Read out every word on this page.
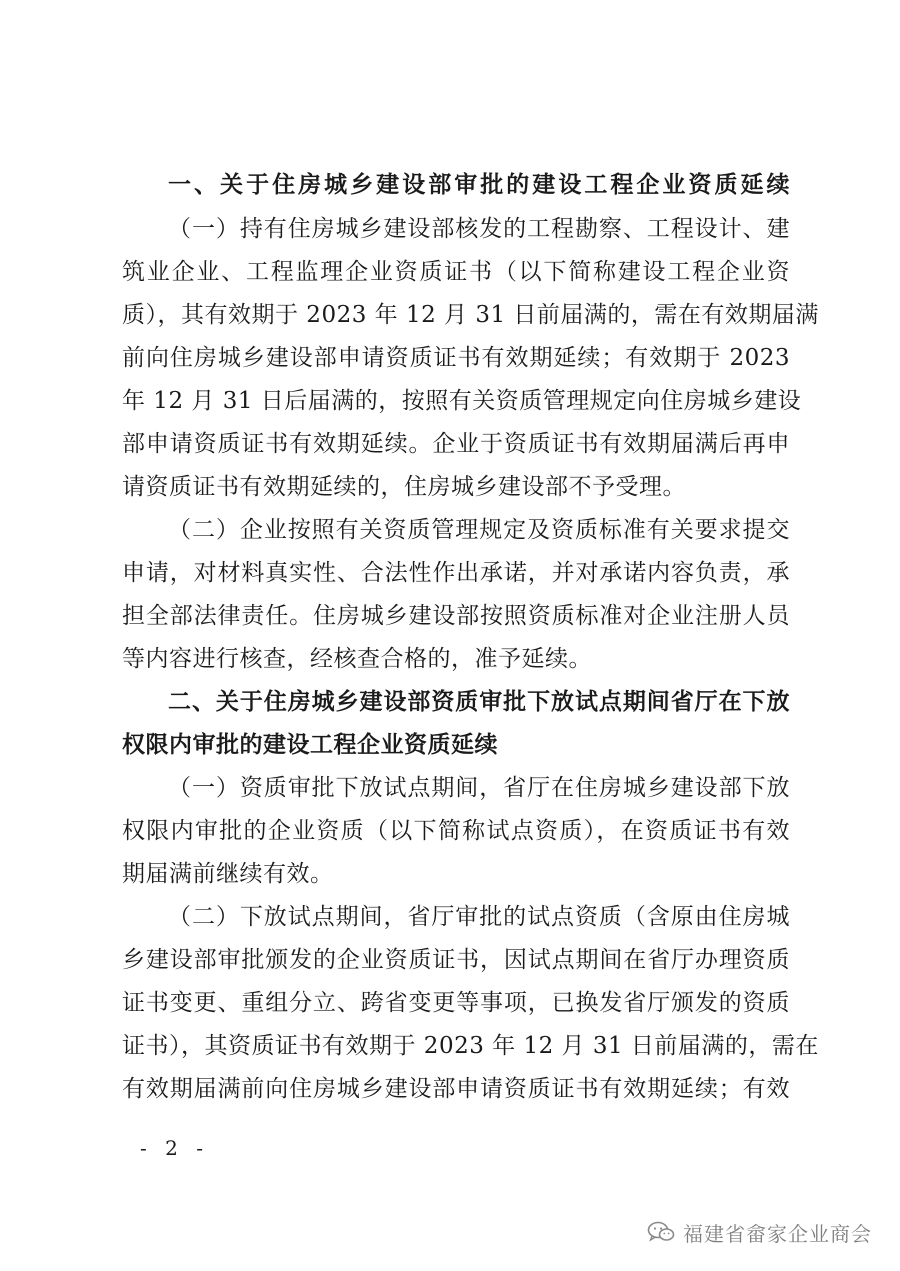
一、关于住房城乡建设部审批的建设工程企业资质延续
（一）持有住房城乡建设部核发的工程勘察、工程设计、建
筑业企业、工程监理企业资质证书（以下简称建设工程企业资
质），其有效期于 2023 年 12 月 31 日前届满的，需在有效期届满
前向住房城乡建设部申请资质证书有效期延续；有效期于 2023
年 12 月 31 日后届满的，按照有关资质管理规定向住房城乡建设
部申请资质证书有效期延续。企业于资质证书有效期届满后再申
请资质证书有效期延续的，住房城乡建设部不予受理。
（二）企业按照有关资质管理规定及资质标准有关要求提交
申请，对材料真实性、合法性作出承诺，并对承诺内容负责，承
担全部法律责任。住房城乡建设部按照资质标准对企业注册人员
等内容进行核查，经核查合格的，准予延续。
二、关于住房城乡建设部资质审批下放试点期间省厅在下放
权限内审批的建设工程企业资质延续
（一）资质审批下放试点期间，省厅在住房城乡建设部下放
权限内审批的企业资质（以下简称试点资质），在资质证书有效
期届满前继续有效。
（二）下放试点期间，省厅审批的试点资质（含原由住房城
乡建设部审批颁发的企业资质证书，因试点期间在省厅办理资质
证书变更、重组分立、跨省变更等事项，已换发省厅颁发的资质
证书），其资质证书有效期于 2023 年 12 月 31 日前届满的，需在
有效期届满前向住房城乡建设部申请资质证书有效期延续；有效
- 2 -
福建省畲家企业商会
